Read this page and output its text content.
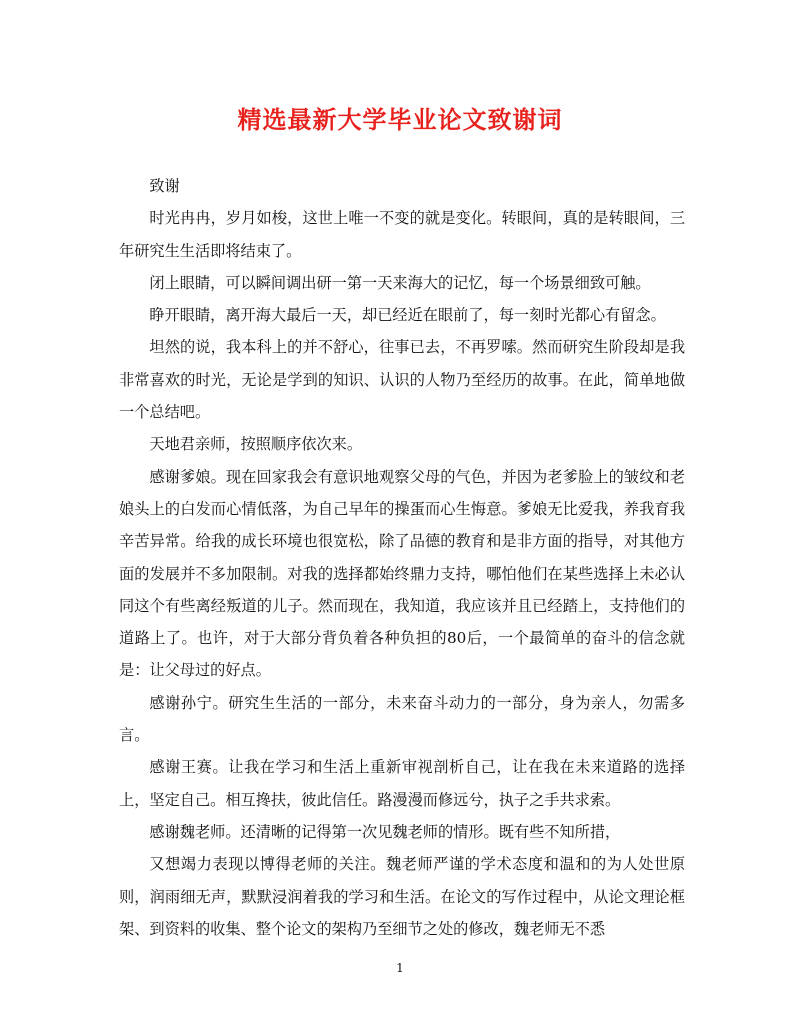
精选最新大学毕业论文致谢词

致谢

时光冉冉，岁月如梭，这世上唯一不变的就是变化。转眼间，真的是转眼间，三年研究生生活即将结束了。

闭上眼睛，可以瞬间调出研一第一天来海大的记忆，每一个场景细致可触。

睁开眼睛，离开海大最后一天，却已经近在眼前了，每一刻时光都心有留念。

坦然的说，我本科上的并不舒心，往事已去，不再罗嗦。然而研究生阶段却是我非常喜欢的时光，无论是学到的知识、认识的人物乃至经历的故事。在此，简单地做一个总结吧。

天地君亲师，按照顺序依次来。

感谢爹娘。现在回家我会有意识地观察父母的气色，并因为老爹脸上的皱纹和老娘头上的白发而心情低落，为自己早年的操蛋而心生悔意。爹娘无比爱我，养我育我辛苦异常。给我的成长环境也很宽松，除了品德的教育和是非方面的指导，对其他方面的发展并不多加限制。对我的选择都始终鼎力支持，哪怕他们在某些选择上未必认同这个有些离经叛道的儿子。然而现在，我知道，我应该并且已经踏上，支持他们的道路上了。也许，对于大部分背负着各种负担的80后，一个最简单的奋斗的信念就是：让父母过的好点。

感谢孙宁。研究生生活的一部分，未来奋斗动力的一部分，身为亲人，勿需多言。

感谢王赛。让我在学习和生活上重新审视剖析自己，让在我在未来道路的选择上，坚定自己。相互搀扶，彼此信任。路漫漫而修远兮，执子之手共求索。

感谢魏老师。还清晰的记得第一次见魏老师的情形。既有些不知所措，

又想竭力表现以博得老师的关注。魏老师严谨的学术态度和温和的为人处世原则，润雨细无声，默默浸润着我的学习和生活。在论文的写作过程中，从论文理论框架、到资料的收集、整个论文的架构乃至细节之处的修改，魏老师无不悉

1
